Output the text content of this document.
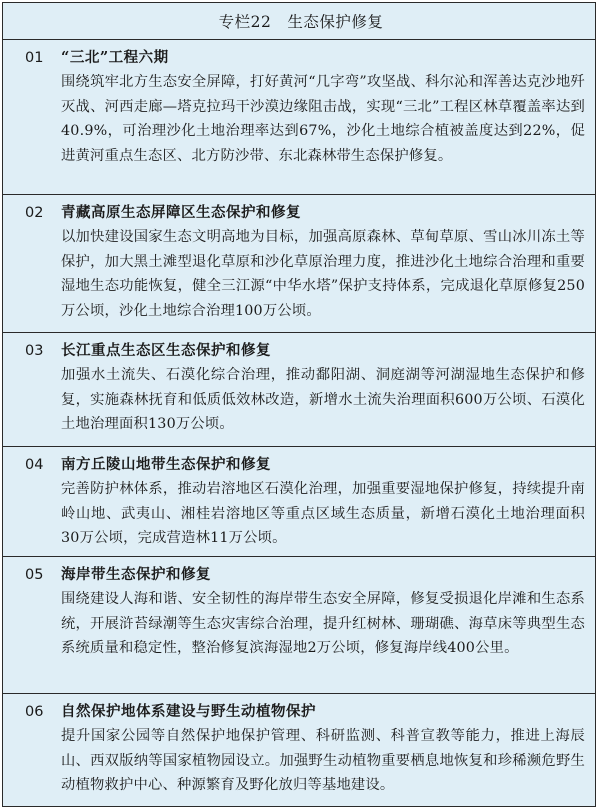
专栏22 生态保护修复
01	“三北”工程六期
围绕筑牢北方生态安全屏障，打好黄河“几字弯”攻坚战、科尔沁和浑善达克沙地歼灭战、河西走廊—塔克拉玛干沙漠边缘阻击战，实现“三北”工程区林草覆盖率达到40.9%，可治理沙化土地治理率达到67%，沙化土地综合植被盖度达到22%，促进黄河重点生态区、北方防沙带、东北森林带生态保护修复。
02	青藏高原生态屏障区生态保护和修复
以加快建设国家生态文明高地为目标，加强高原森林、草甸草原、雪山冰川冻土等保护，加大黑土滩型退化草原和沙化草原治理力度，推进沙化土地综合治理和重要湿地生态功能恢复，健全三江源“中华水塔”保护支持体系，完成退化草原修复250万公顷，沙化土地综合治理100万公顷。
03	长江重点生态区生态保护和修复
加强水土流失、石漠化综合治理，推动鄱阳湖、洞庭湖等河湖湿地生态保护和修复，实施森林抚育和低质低效林改造，新增水土流失治理面积600万公顷、石漠化土地治理面积130万公顷。
04	南方丘陵山地带生态保护和修复
完善防护林体系，推动岩溶地区石漠化治理，加强重要湿地保护修复，持续提升南岭山地、武夷山、湘桂岩溶地区等重点区域生态质量，新增石漠化土地治理面积30万公顷，完成营造林11万公顷。
05	海岸带生态保护和修复
围绕建设人海和谐、安全韧性的海岸带生态安全屏障，修复受损退化岸滩和生态系统，开展浒苔绿潮等生态灾害综合治理，提升红树林、珊瑚礁、海草床等典型生态系统质量和稳定性，整治修复滨海湿地2万公顷，修复海岸线400公里。
06	自然保护地体系建设与野生动植物保护
提升国家公园等自然保护地保护管理、科研监测、科普宣教等能力，推进上海辰山、西双版纳等国家植物园设立。加强野生动植物重要栖息地恢复和珍稀濒危野生动植物救护中心、种源繁育及野化放归等基地建设。
